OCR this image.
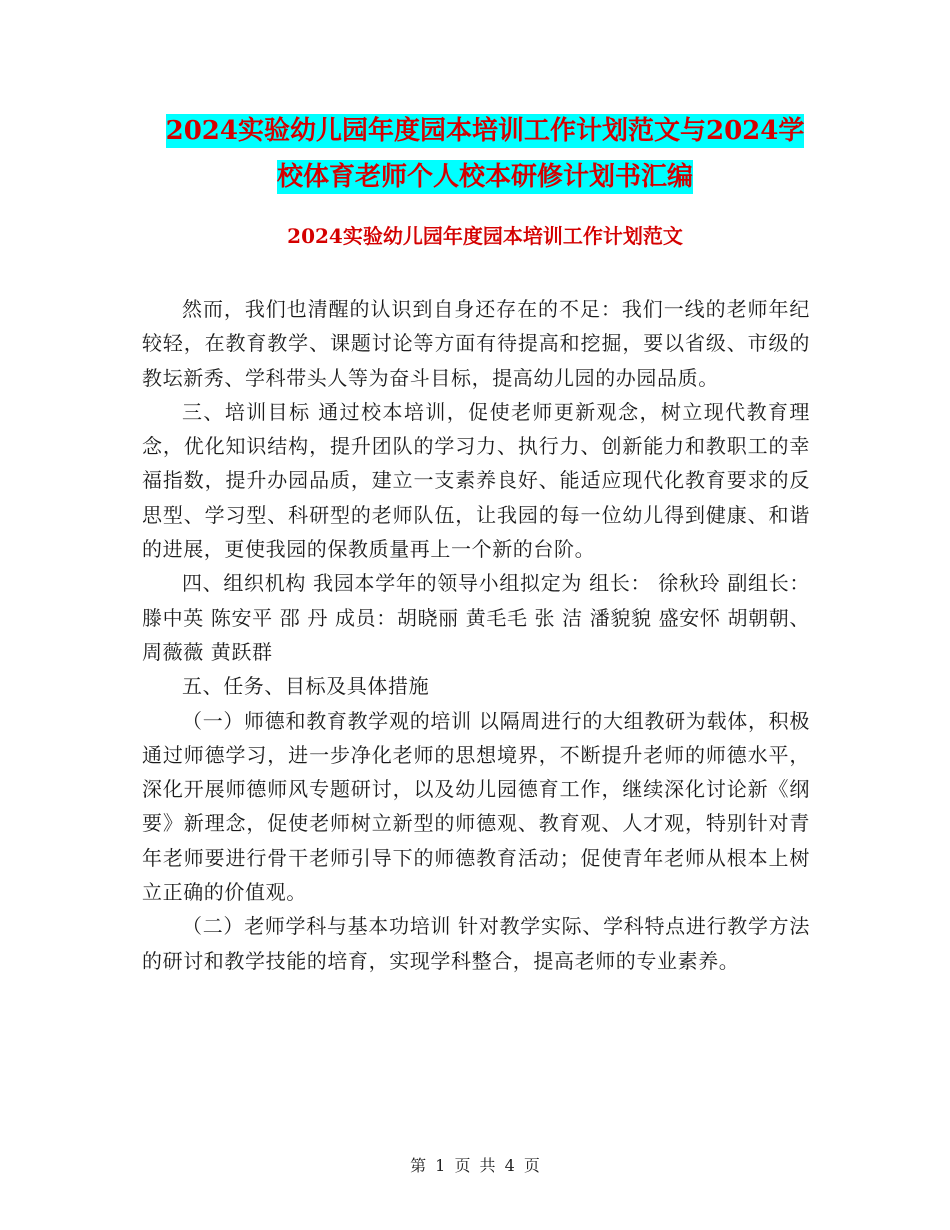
2024实验幼儿园年度园本培训工作计划范文与2024学
校体育老师个人校本研修计划书汇编
2024实验幼儿园年度园本培训工作计划范文

然而，我们也清醒的认识到自身还存在的不足：我们一线的老师年纪较轻，在教育教学、课题讨论等方面有待提高和挖掘，要以省级、市级的教坛新秀、学科带头人等为奋斗目标，提高幼儿园的办园品质。

三、培训目标 通过校本培训，促使老师更新观念，树立现代教育理念，优化知识结构，提升团队的学习力、执行力、创新能力和教职工的幸福指数，提升办园品质，建立一支素养良好、能适应现代化教育要求的反思型、学习型、科研型的老师队伍，让我园的每一位幼儿得到健康、和谐的进展，更使我园的保教质量再上一个新的台阶。

四、组织机构 我园本学年的领导小组拟定为 组长： 徐秋玲 副组长：滕中英 陈安平 邵 丹 成员：胡晓丽 黄毛毛 张 洁 潘貌貌 盛安怀 胡朝朝、周薇薇 黄跃群

五、任务、目标及具体措施

（一）师德和教育教学观的培训 以隔周进行的大组教研为载体，积极通过师德学习，进一步净化老师的思想境界，不断提升老师的师德水平，深化开展师德师风专题研讨，以及幼儿园德育工作，继续深化讨论新《纲要》新理念，促使老师树立新型的师德观、教育观、人才观，特别针对青年老师要进行骨干老师引导下的师德教育活动；促使青年老师从根本上树立正确的价值观。

（二）老师学科与基本功培训 针对教学实际、学科特点进行教学方法的研讨和教学技能的培育，实现学科整合，提高老师的专业素养。

第 1 页 共 4 页
